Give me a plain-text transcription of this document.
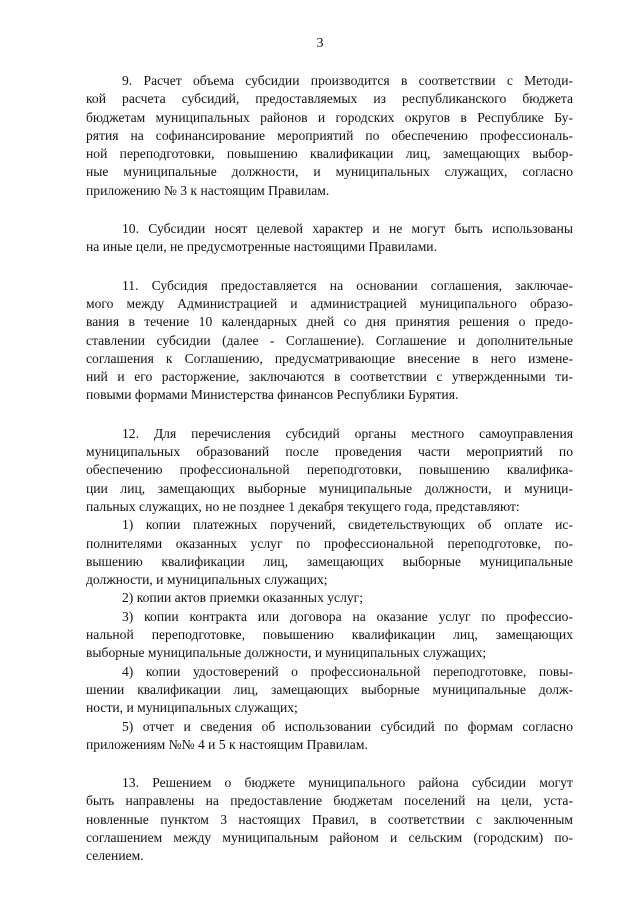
3
9. Расчет объема субсидии производится в соответствии с Методи-
кой расчета субсидий, предоставляемых из республиканского бюджета
бюджетам муниципальных районов и городских округов в Республике Бу-
рятия на софинансирование мероприятий по обеспечению профессиональ-
ной переподготовки, повышению квалификации лиц, замещающих выбор-
ные муниципальные должности, и муниципальных служащих, согласно
приложению № 3 к настоящим Правилам.
10. Субсидии носят целевой характер и не могут быть использованы
на иные цели, не предусмотренные настоящими Правилами.
11. Субсидия предоставляется на основании соглашения, заключае-
мого между Администрацией и администрацией муниципального образо-
вания в течение 10 календарных дней со дня принятия решения о предо-
ставлении субсидии (далее - Соглашение). Соглашение и дополнительные
соглашения к Соглашению, предусматривающие внесение в него измене-
ний и его расторжение, заключаются в соответствии с утвержденными ти-
повыми формами Министерства финансов Республики Бурятия.
12. Для перечисления субсидий органы местного самоуправления
муниципальных образований после проведения части мероприятий по
обеспечению профессиональной переподготовки, повышению квалифика-
ции лиц, замещающих выборные муниципальные должности, и муници-
пальных служащих, но не позднее 1 декабря текущего года, представляют:
1) копии платежных поручений, свидетельствующих об оплате ис-
полнителями оказанных услуг по профессиональной переподготовке, по-
вышению квалификации лиц, замещающих выборные муниципальные
должности, и муниципальных служащих;
2) копии актов приемки оказанных услуг;
3) копии контракта или договора на оказание услуг по профессио-
нальной переподготовке, повышению квалификации лиц, замещающих
выборные муниципальные должности, и муниципальных служащих;
4) копии удостоверений о профессиональной переподготовке, повы-
шении квалификации лиц, замещающих выборные муниципальные долж-
ности, и муниципальных служащих;
5) отчет и сведения об использовании субсидий по формам согласно
приложениям №№ 4 и 5 к настоящим Правилам.
13. Решением о бюджете муниципального района субсидии могут
быть направлены на предоставление бюджетам поселений на цели, уста-
новленные пунктом 3 настоящих Правил, в соответствии с заключенным
соглашением между муниципальным районом и сельским (городским) по-
селением.
